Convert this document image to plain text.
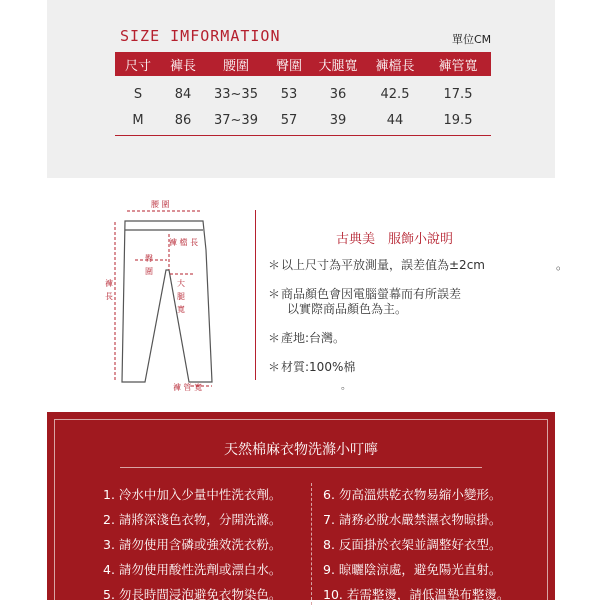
SIZE IMFORMATION	單位CM
尺寸	褲長	腰圍	臀圍	大腿寬	褲檔長	褲管寬
S	84	33~35	53	36	42.5	17.5
M	86	37~39	57	39	44	19.5
腰 圍
褲 檔 長
臀圍
大腿寬
褲長
褲 管 寬
古典美　服飾小說明
＊ 以上尺寸為平放測量，誤差值為±2cm	。
＊ 商品顏色會因電腦螢幕而有所誤差
以實際商品顏色為主。
＊ 產地:台灣。
＊ 材質:100%棉
。
天然棉麻衣物洗滌小叮嚀
1. 冷水中加入少量中性洗衣劑。
2. 請將深淺色衣物，分開洗滌。
3. 請勿使用含磷或強效洗衣粉。
4. 請勿使用酸性洗劑或漂白水。
5. 勿長時間浸泡避免衣物染色。
6. 勿高溫烘乾衣物易縮小變形。
7. 請務必脫水嚴禁濕衣物晾掛。
8. 反面掛於衣架並調整好衣型。
9. 晾曬陰涼處，避免陽光直射。
10. 若需整燙，請低溫墊布整燙。
